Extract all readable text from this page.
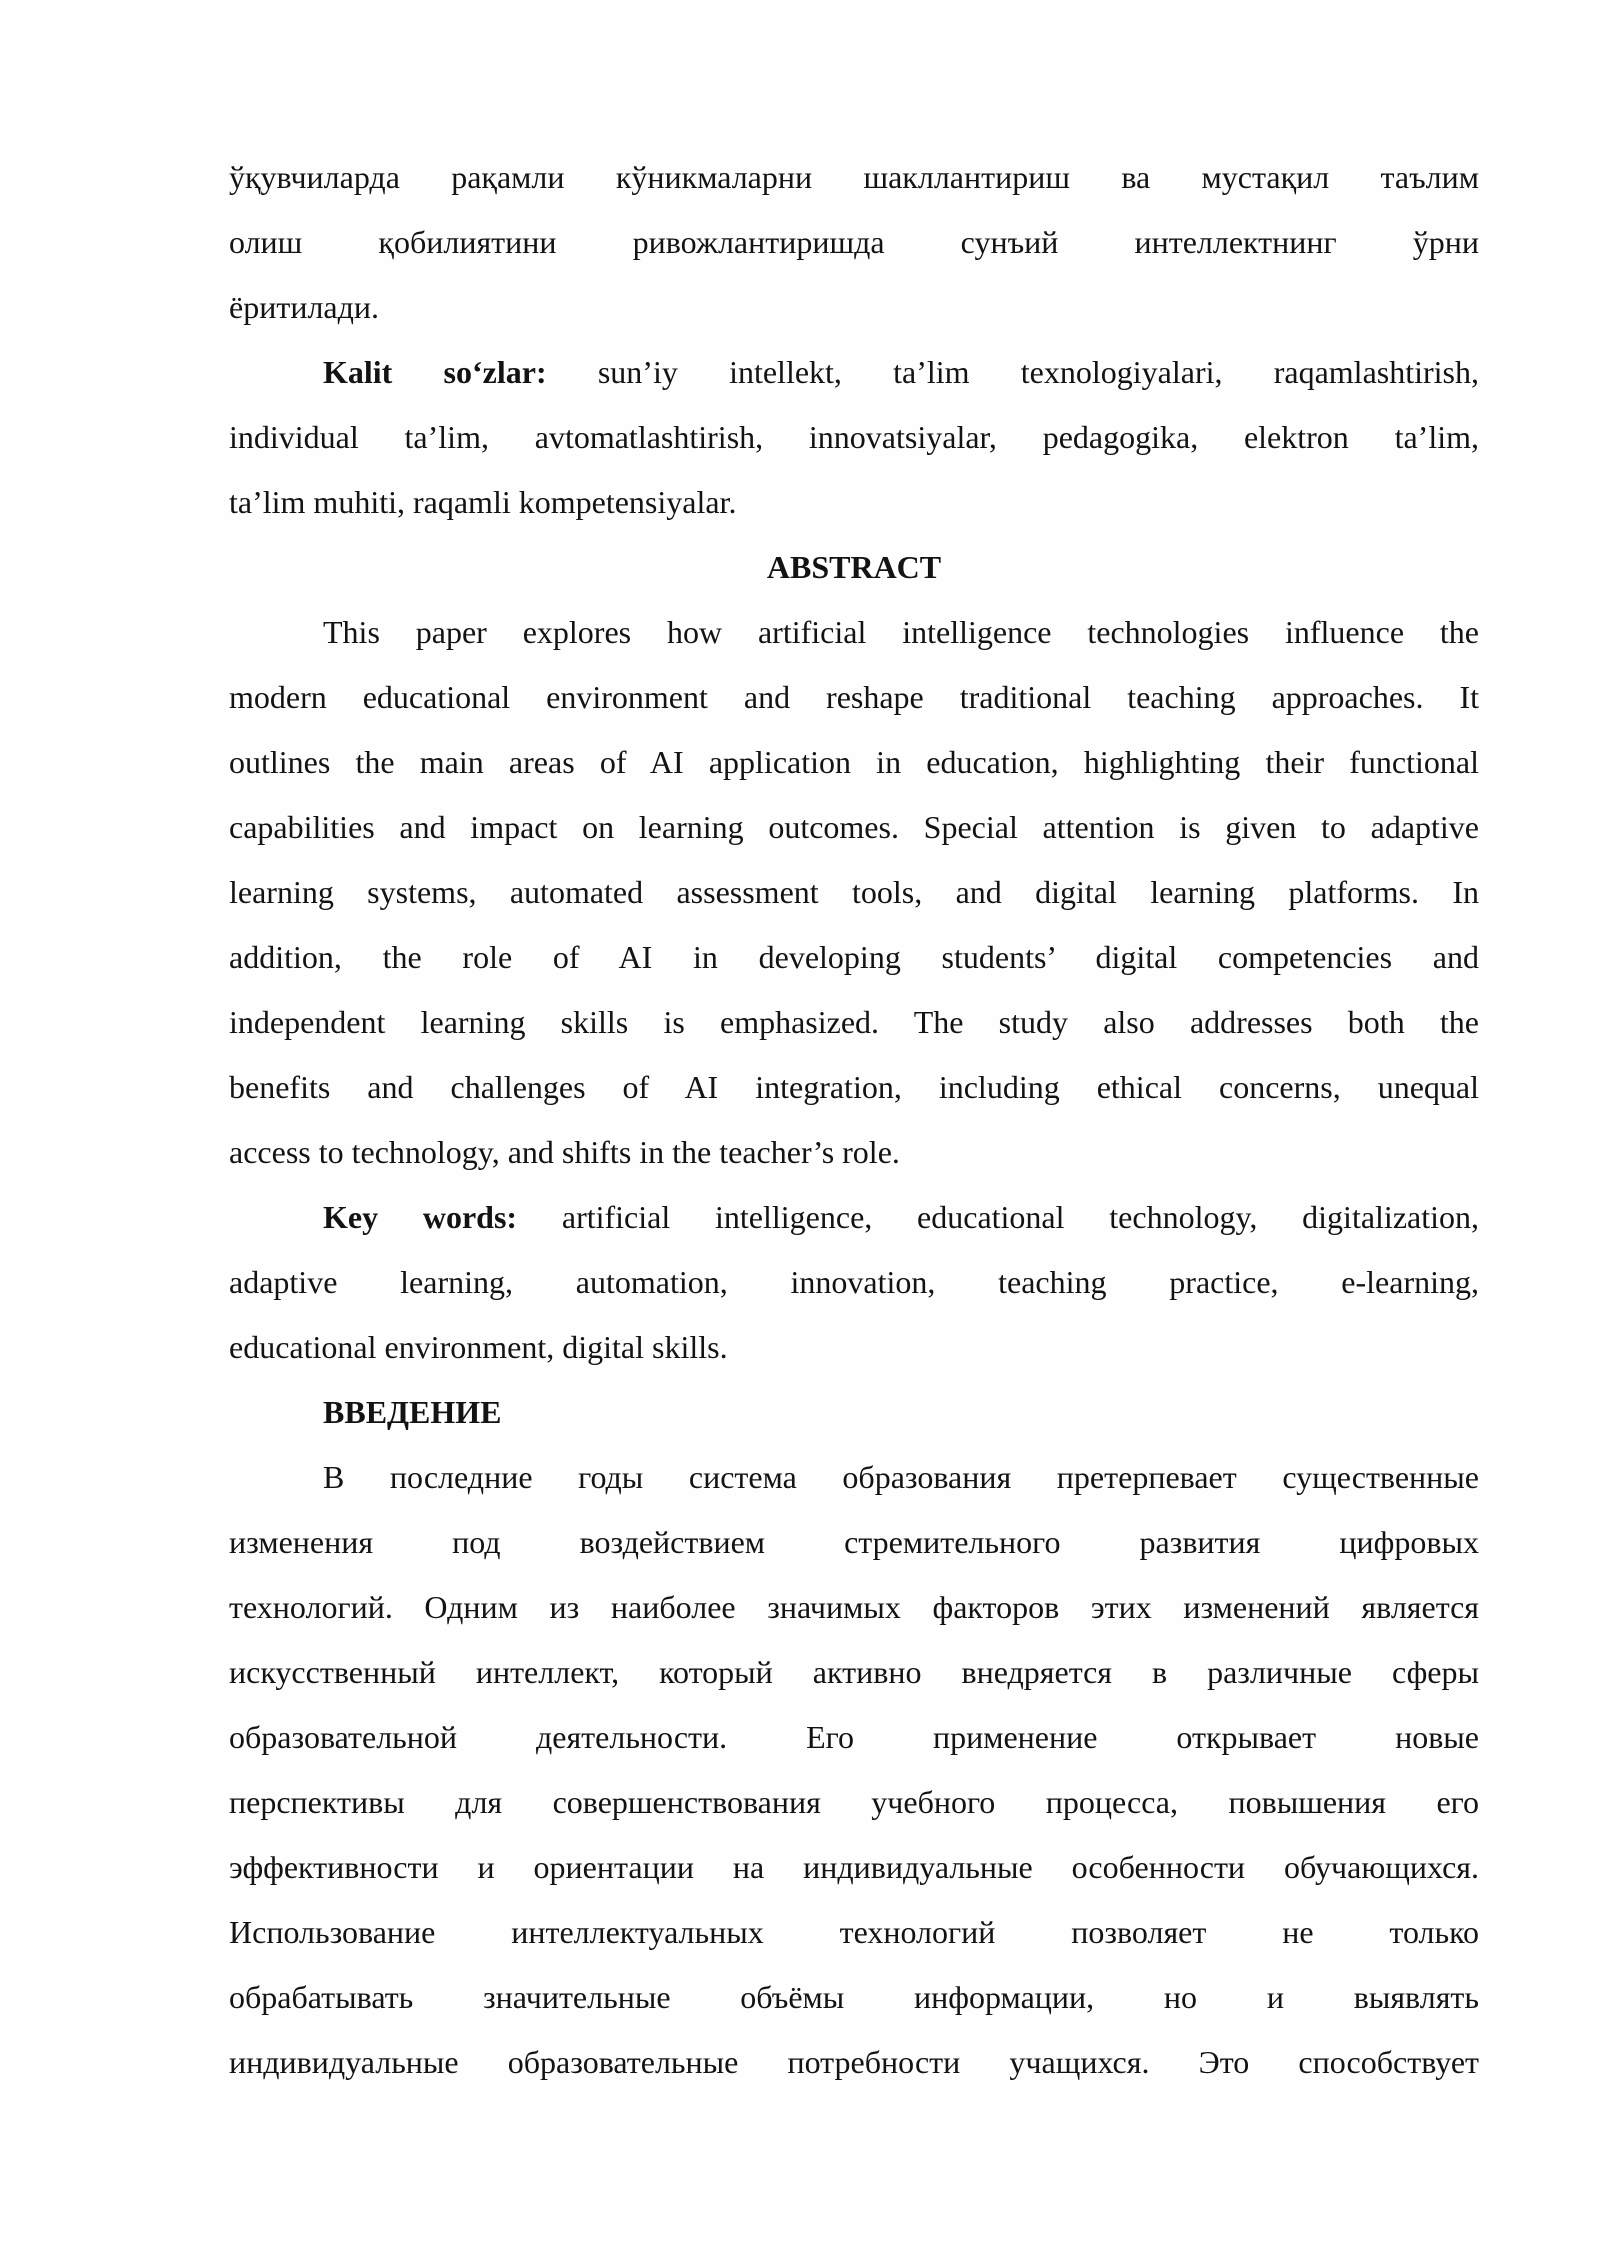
ўқувчиларда рақамли кўникмаларни шакллантириш ва мустақил таълим
олиш қобилиятини ривожлантиришда сунъий интеллектнинг ўрни
ёритилади.
Kalit soʻzlar: sun’iy intellekt, ta’lim texnologiyalari, raqamlashtirish,
individual ta’lim, avtomatlashtirish, innovatsiyalar, pedagogika, elektron ta’lim,
ta’lim muhiti, raqamli kompetensiyalar.
ABSTRACT
This paper explores how artificial intelligence technologies influence the
modern educational environment and reshape traditional teaching approaches. It
outlines the main areas of AI application in education, highlighting their functional
capabilities and impact on learning outcomes. Special attention is given to adaptive
learning systems, automated assessment tools, and digital learning platforms. In
addition, the role of AI in developing students’ digital competencies and
independent learning skills is emphasized. The study also addresses both the
benefits and challenges of AI integration, including ethical concerns, unequal
access to technology, and shifts in the teacher’s role.
Key words: artificial intelligence, educational technology, digitalization,
adaptive learning, automation, innovation, teaching practice, e-learning,
educational environment, digital skills.
ВВЕДЕНИЕ
В последние годы система образования претерпевает существенные
изменения под воздействием стремительного развития цифровых
технологий. Одним из наиболее значимых факторов этих изменений является
искусственный интеллект, который активно внедряется в различные сферы
образовательной деятельности. Его применение открывает новые
перспективы для совершенствования учебного процесса, повышения его
эффективности и ориентации на индивидуальные особенности обучающихся.
Использование интеллектуальных технологий позволяет не только
обрабатывать значительные объёмы информации, но и выявлять
индивидуальные образовательные потребности учащихся. Это способствует
